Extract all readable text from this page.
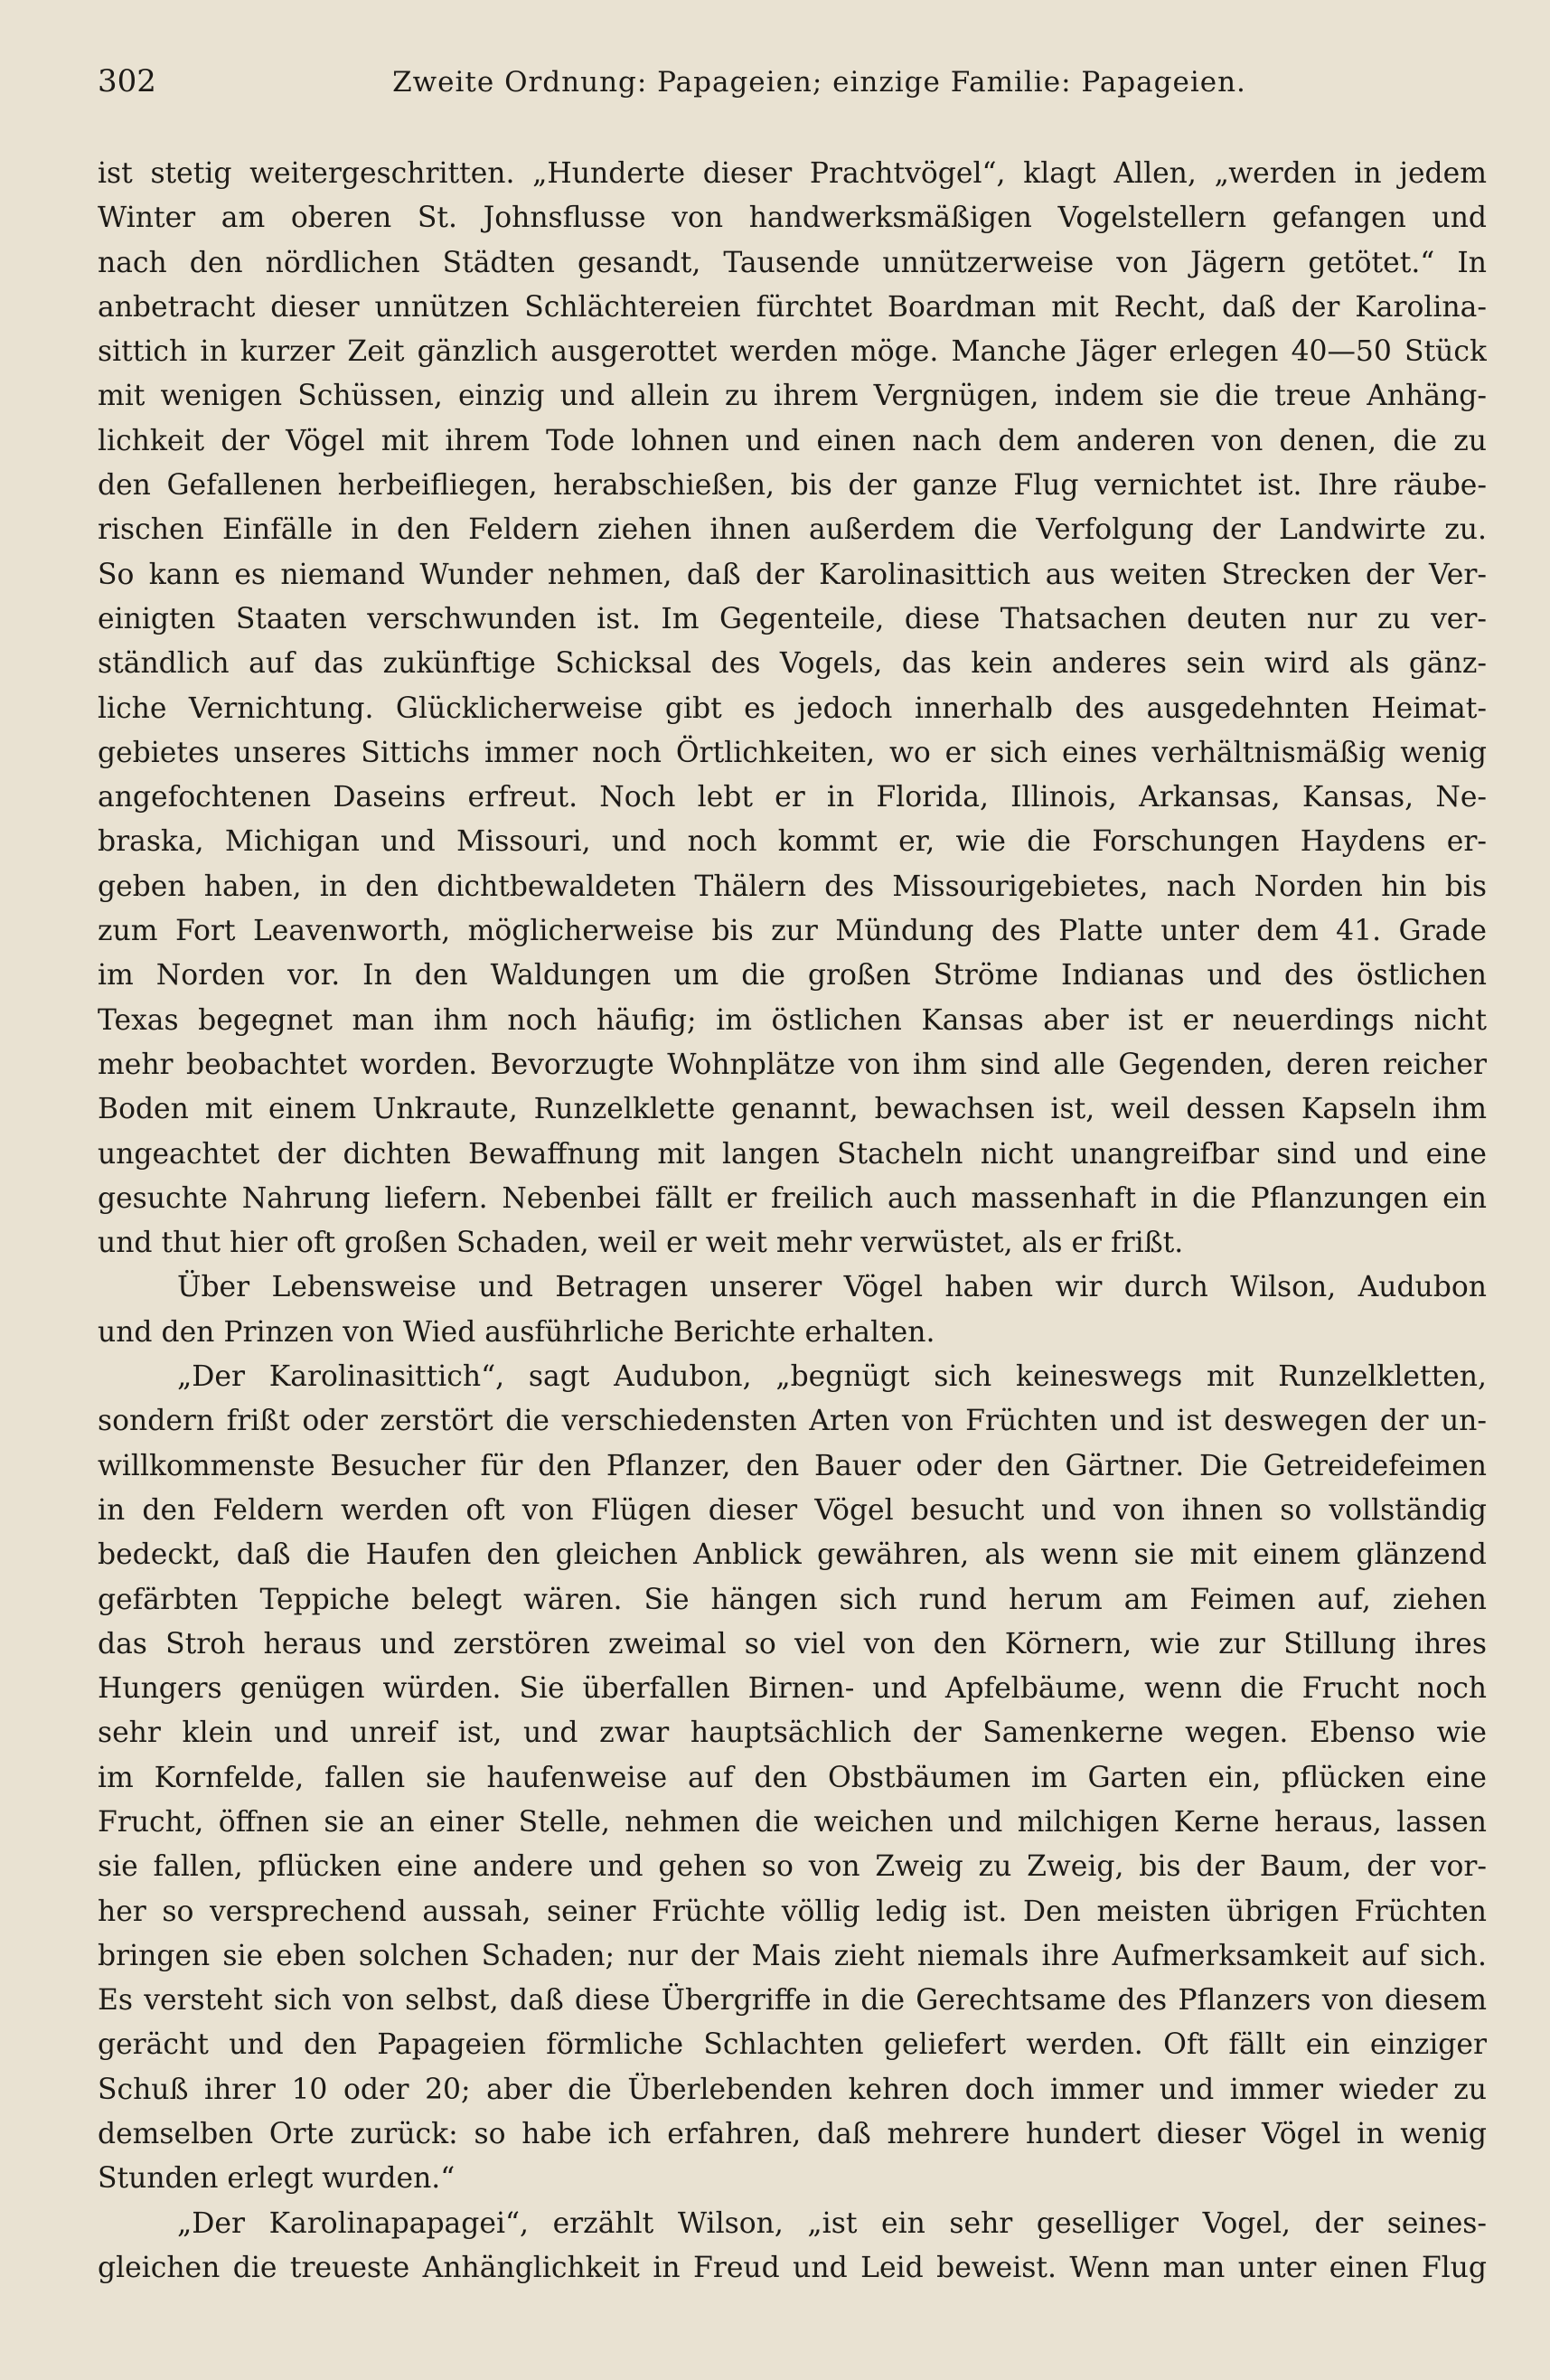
302	Zweite Ordnung: Papageien; einzige Familie: Papageien.
ist stetig weitergeschritten. „Hunderte dieser Prachtvögel“, klagt Allen, „werden in jedem
Winter am oberen St. Johnsflusse von handwerksmäßigen Vogelstellern gefangen und
nach den nördlichen Städten gesandt, Tausende unnützerweise von Jägern getötet.“ In
anbetracht dieser unnützen Schlächtereien fürchtet Boardman mit Recht, daß der Karolina-
sittich in kurzer Zeit gänzlich ausgerottet werden möge. Manche Jäger erlegen 40—50 Stück
mit wenigen Schüssen, einzig und allein zu ihrem Vergnügen, indem sie die treue Anhäng-
lichkeit der Vögel mit ihrem Tode lohnen und einen nach dem anderen von denen, die zu
den Gefallenen herbeifliegen, herabschießen, bis der ganze Flug vernichtet ist. Ihre räube-
rischen Einfälle in den Feldern ziehen ihnen außerdem die Verfolgung der Landwirte zu.
So kann es niemand Wunder nehmen, daß der Karolinasittich aus weiten Strecken der Ver-
einigten Staaten verschwunden ist. Im Gegenteile, diese Thatsachen deuten nur zu ver-
ständlich auf das zukünftige Schicksal des Vogels, das kein anderes sein wird als gänz-
liche Vernichtung. Glücklicherweise gibt es jedoch innerhalb des ausgedehnten Heimat-
gebietes unseres Sittichs immer noch Örtlichkeiten, wo er sich eines verhältnismäßig wenig
angefochtenen Daseins erfreut. Noch lebt er in Florida, Illinois, Arkansas, Kansas, Ne-
braska, Michigan und Missouri, und noch kommt er, wie die Forschungen Haydens er-
geben haben, in den dichtbewaldeten Thälern des Missourigebietes, nach Norden hin bis
zum Fort Leavenworth, möglicherweise bis zur Mündung des Platte unter dem 41. Grade
im Norden vor. In den Waldungen um die großen Ströme Indianas und des östlichen
Texas begegnet man ihm noch häufig; im östlichen Kansas aber ist er neuerdings nicht
mehr beobachtet worden. Bevorzugte Wohnplätze von ihm sind alle Gegenden, deren reicher
Boden mit einem Unkraute, Runzelklette genannt, bewachsen ist, weil dessen Kapseln ihm
ungeachtet der dichten Bewaffnung mit langen Stacheln nicht unangreifbar sind und eine
gesuchte Nahrung liefern. Nebenbei fällt er freilich auch massenhaft in die Pflanzungen ein
und thut hier oft großen Schaden, weil er weit mehr verwüstet, als er frißt.
Über Lebensweise und Betragen unserer Vögel haben wir durch Wilson, Audubon
und den Prinzen von Wied ausführliche Berichte erhalten.
„Der Karolinasittich“, sagt Audubon, „begnügt sich keineswegs mit Runzelkletten,
sondern frißt oder zerstört die verschiedensten Arten von Früchten und ist deswegen der un-
willkommenste Besucher für den Pflanzer, den Bauer oder den Gärtner. Die Getreidefeimen
in den Feldern werden oft von Flügen dieser Vögel besucht und von ihnen so vollständig
bedeckt, daß die Haufen den gleichen Anblick gewähren, als wenn sie mit einem glänzend
gefärbten Teppiche belegt wären. Sie hängen sich rund herum am Feimen auf, ziehen
das Stroh heraus und zerstören zweimal so viel von den Körnern, wie zur Stillung ihres
Hungers genügen würden. Sie überfallen Birnen- und Apfelbäume, wenn die Frucht noch
sehr klein und unreif ist, und zwar hauptsächlich der Samenkerne wegen. Ebenso wie
im Kornfelde, fallen sie haufenweise auf den Obstbäumen im Garten ein, pflücken eine
Frucht, öffnen sie an einer Stelle, nehmen die weichen und milchigen Kerne heraus, lassen
sie fallen, pflücken eine andere und gehen so von Zweig zu Zweig, bis der Baum, der vor-
her so versprechend aussah, seiner Früchte völlig ledig ist. Den meisten übrigen Früchten
bringen sie eben solchen Schaden; nur der Mais zieht niemals ihre Aufmerksamkeit auf sich.
Es versteht sich von selbst, daß diese Übergriffe in die Gerechtsame des Pflanzers von diesem
gerächt und den Papageien förmliche Schlachten geliefert werden. Oft fällt ein einziger
Schuß ihrer 10 oder 20; aber die Überlebenden kehren doch immer und immer wieder zu
demselben Orte zurück: so habe ich erfahren, daß mehrere hundert dieser Vögel in wenig
Stunden erlegt wurden.“
„Der Karolinapapagei“, erzählt Wilson, „ist ein sehr geselliger Vogel, der seines-
gleichen die treueste Anhänglichkeit in Freud und Leid beweist. Wenn man unter einen Flug
